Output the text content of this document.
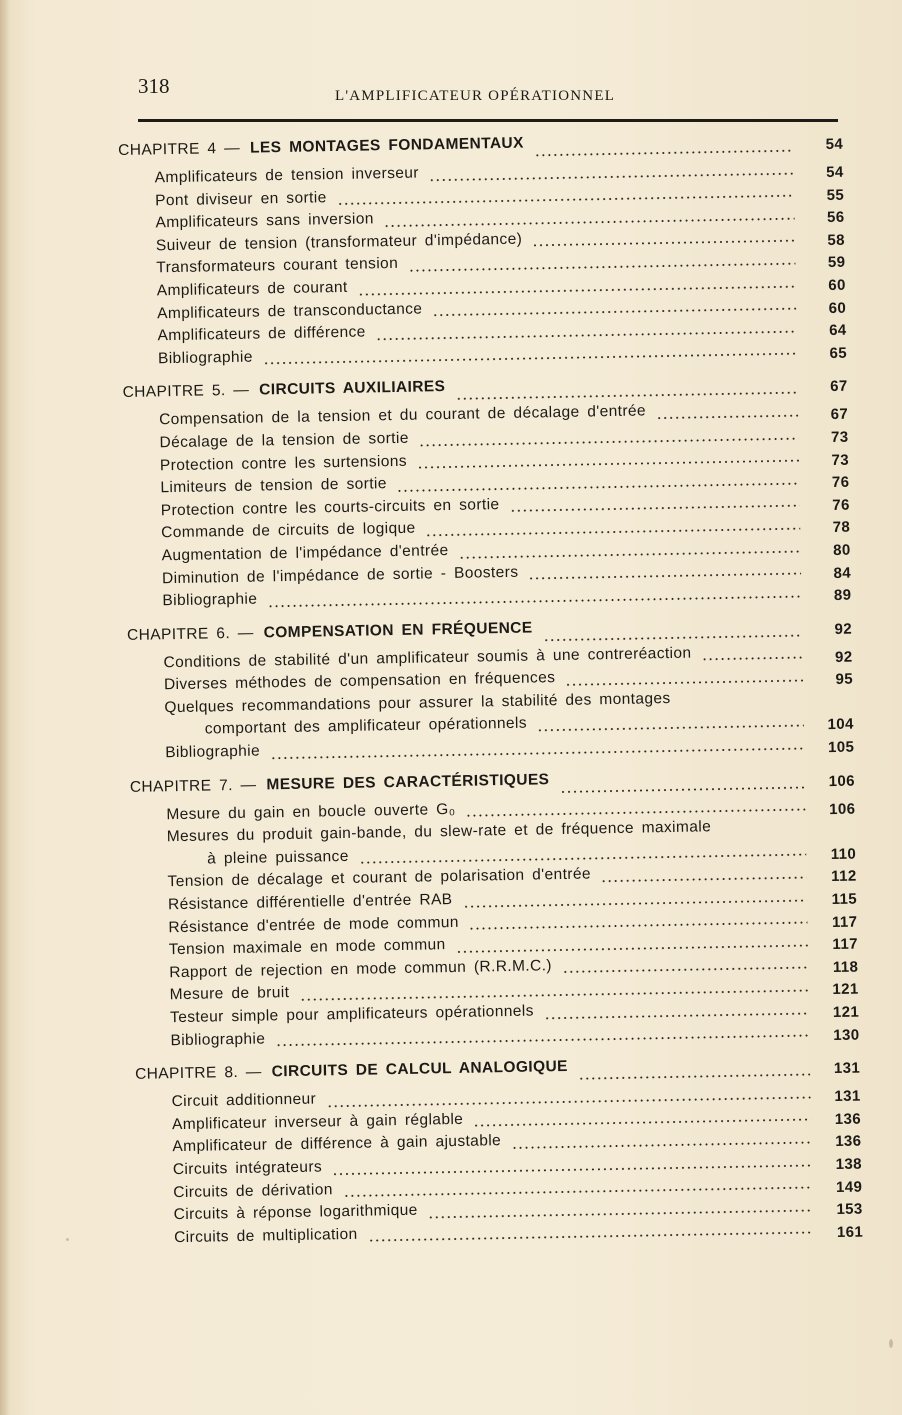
318	L'AMPLIFICATEUR OPÉRATIONNEL
CHAPITRE 4 — LES MONTAGES FONDAMENTAUX	54
Amplificateurs de tension inverseur	54
Pont diviseur en sortie	55
Amplificateurs sans inversion	56
Suiveur de tension (transformateur d'impédance)	58
Transformateurs courant tension	59
Amplificateurs de courant	60
Amplificateurs de transconductance	60
Amplificateurs de différence	64
Bibliographie	65
CHAPITRE 5. — CIRCUITS AUXILIAIRES	67
Compensation de la tension et du courant de décalage d'entrée	67
Décalage de la tension de sortie	73
Protection contre les surtensions	73
Limiteurs de tension de sortie	76
Protection contre les courts-circuits en sortie	76
Commande de circuits de logique	78
Augmentation de l'impédance d'entrée	80
Diminution de l'impédance de sortie - Boosters	84
Bibliographie	89
CHAPITRE 6. — COMPENSATION EN FRÉQUENCE	92
Conditions de stabilité d'un amplificateur soumis à une contreréaction	92
Diverses méthodes de compensation en fréquences	95
Quelques recommandations pour assurer la stabilité des montages
comportant des amplificateur opérationnels	104
Bibliographie	105
CHAPITRE 7. — MESURE DES CARACTÉRISTIQUES	106
Mesure du gain en boucle ouverte G₀	106
Mesures du produit gain-bande, du slew-rate et de fréquence maximale
à pleine puissance	110
Tension de décalage et courant de polarisation d'entrée	112
Résistance différentielle d'entrée RAB	115
Résistance d'entrée de mode commun	117
Tension maximale en mode commun	117
Rapport de rejection en mode commun (R.R.M.C.)	118
Mesure de bruit	121
Testeur simple pour amplificateurs opérationnels	121
Bibliographie	130
CHAPITRE 8. — CIRCUITS DE CALCUL ANALOGIQUE	131
Circuit additionneur	131
Amplificateur inverseur à gain réglable	136
Amplificateur de différence à gain ajustable	136
Circuits intégrateurs	138
Circuits de dérivation	149
Circuits à réponse logarithmique	153
Circuits de multiplication	161
